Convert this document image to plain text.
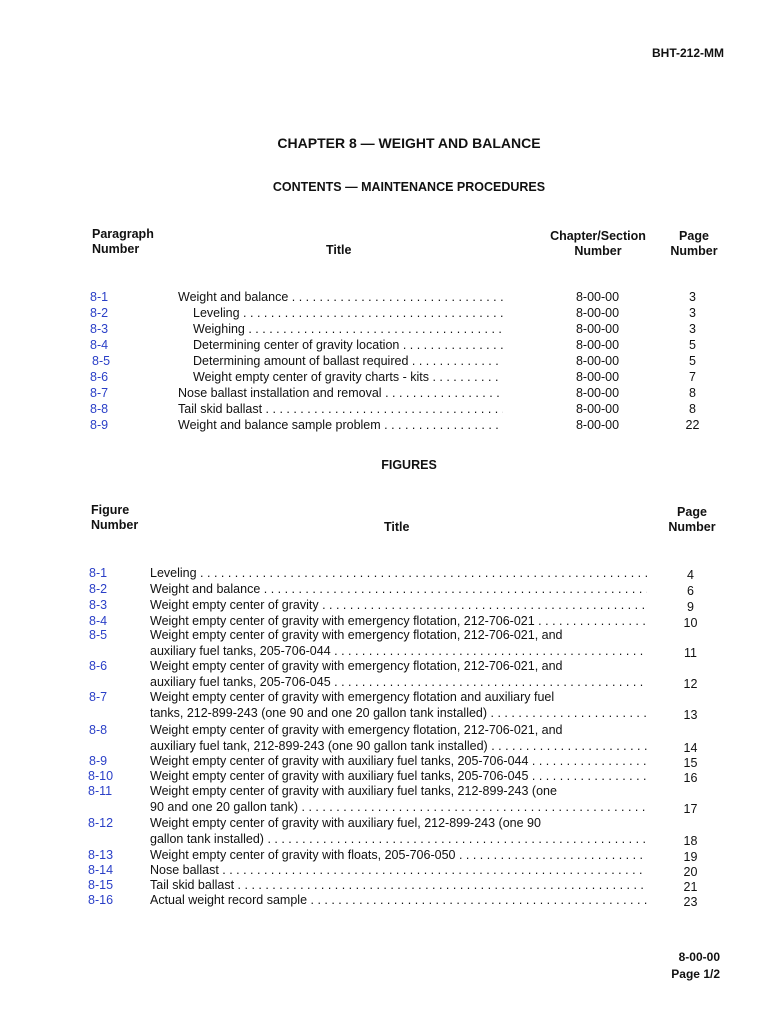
BHT-212-MM
CHAPTER 8 — WEIGHT AND BALANCE
CONTENTS — MAINTENANCE PROCEDURES
Paragraph
Number	Title
Chapter/Section
Number
Page
Number
8-1	Weight and balance . . .	8-00-00	3
8-2	Leveling . . .	8-00-00	3
8-3	Weighing . . .	8-00-00	3
8-4	Determining center of gravity location . . .	8-00-00	5
8-5	Determining amount of ballast required . . .	8-00-00	5
8-6	Weight empty center of gravity charts - kits . . .	8-00-00	7
8-7	Nose ballast installation and removal . . .	8-00-00	8
8-8	Tail skid ballast . . .	8-00-00	8
8-9	Weight and balance sample problem . . .	8-00-00	22
FIGURES
Figure
Number	Title
Page
Number
8-1	Leveling . . .	4
8-2	Weight and balance . . .	6
8-3	Weight empty center of gravity . . .	9
8-4	Weight empty center of gravity with emergency flotation, 212-706-021 . . .	10
8-5	Weight empty center of gravity with emergency flotation, 212-706-021, and
auxiliary fuel tanks, 205-706-044 . . .	11
8-6	Weight empty center of gravity with emergency flotation, 212-706-021, and
auxiliary fuel tanks, 205-706-045 . . .	12
8-7	Weight empty center of gravity with emergency flotation and auxiliary fuel
tanks, 212-899-243 (one 90 and one 20 gallon tank installed) . . .	13
8-8	Weight empty center of gravity with emergency flotation, 212-706-021, and
auxiliary fuel tank, 212-899-243 (one 90 gallon tank installed) . . .	14
8-9	Weight empty center of gravity with auxiliary fuel tanks, 205-706-044 . . .	15
8-10	Weight empty center of gravity with auxiliary fuel tanks, 205-706-045 . . .	16
8-11	Weight empty center of gravity with auxiliary fuel tanks, 212-899-243 (one
90 and one 20 gallon tank) . . .	17
8-12	Weight empty center of gravity with auxiliary fuel, 212-899-243 (one 90
gallon tank installed) . . .	18
8-13	Weight empty center of gravity with floats, 205-706-050 . . .	19
8-14	Nose ballast . . .	20
8-15	Tail skid ballast . . .	21
8-16	Actual weight record sample . . .	23
8-00-00
Page 1/2
